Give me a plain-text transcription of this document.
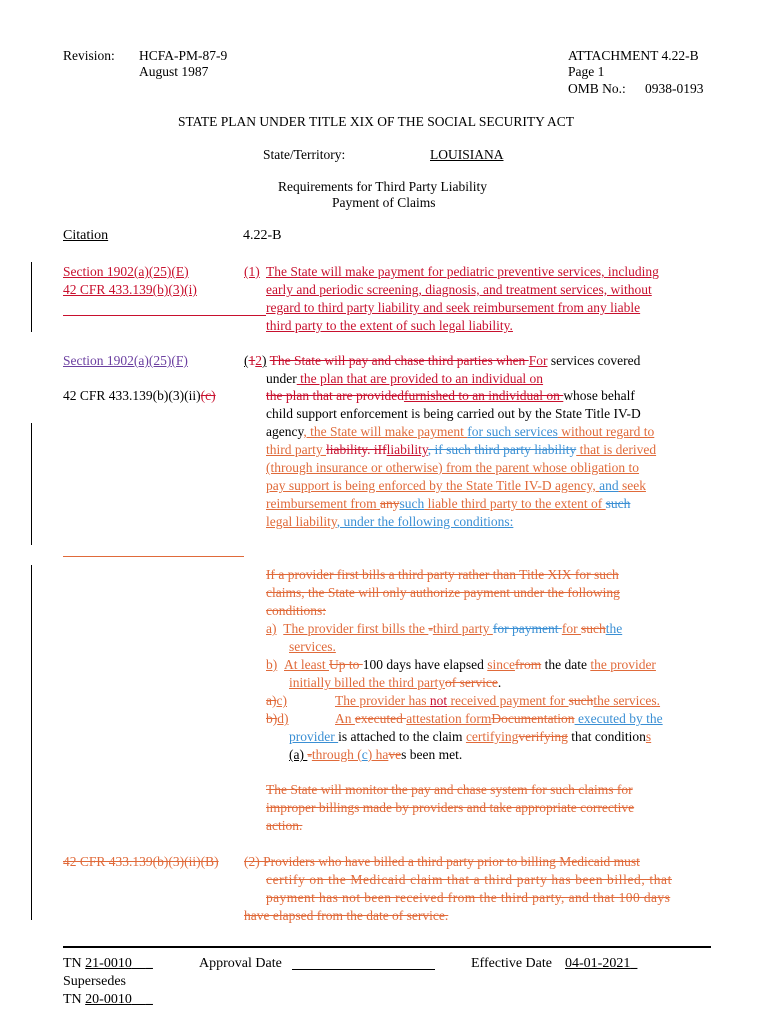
Revision: HCFA-PM-87-9
August 1987
ATTACHMENT 4.22-B
Page 1
OMB No.: 0938-0193
STATE PLAN UNDER TITLE XIX OF THE SOCIAL SECURITY ACT
State/Territory:	LOUISIANA
Requirements for Third Party Liability
Payment of Claims
Citation	4.22-B
Section 1902(a)(25)(E)
42 CFR 433.139(b)(3)(i)
(1) The State will make payment for pediatric preventive services, including
early and periodic screening, diagnosis, and treatment services, without
regard to third party liability and seek reimbursement from any liable
third party to the extent of such legal liability.
Section 1902(a)(25)(F)
42 CFR 433.139(b)(3)(ii)(c)
(12) The State will pay and chase third parties when For services covered
under the plan that are provided to an individual on
the plan that are providedfurnished to an individual on whose behalf
child support enforcement is being carried out by the State Title IV-D
agency, the State will make payment for such services without regard to
third party liability. iIfliability, if such third party liability that is derived
(through insurance or otherwise) from the parent whose obligation to
pay support is being enforced by the State Title IV-D agency, and seek
reimbursement from anysuch liable third party to the extent of such
legal liability, under the following conditions:
If a provider first bills a third party rather than Title XIX for such
claims, the State will only authorize payment under the following
conditions:
a) The provider first bills the -third party for payment for suchthe
services.
b) At least Up to 100 days have elapsed sincefrom the date the provider
initially billed the third partyof service.
a)c)	The provider has not received payment for suchthe services.
b)d)	An executed attestation formDocumentation executed by the
provider is attached to the claim certifyingverifying that conditions
(a) -through (c) haves been met.
The State will monitor the pay and chase system for such claims for
improper billings made by providers and take appropriate corrective
action.
42 CFR 433.139(b)(3)(ii)(B) (2) Providers who have billed a third party prior to billing Medicaid must
certify on the Medicaid claim that a third party has been billed, that
payment has not been received from the third party, and that 100 days
have elapsed from the date of service.
TN 21-0010 _
Supersedes
TN 20-0010 _
Approval Date	Effective Date 04-01-2021_
